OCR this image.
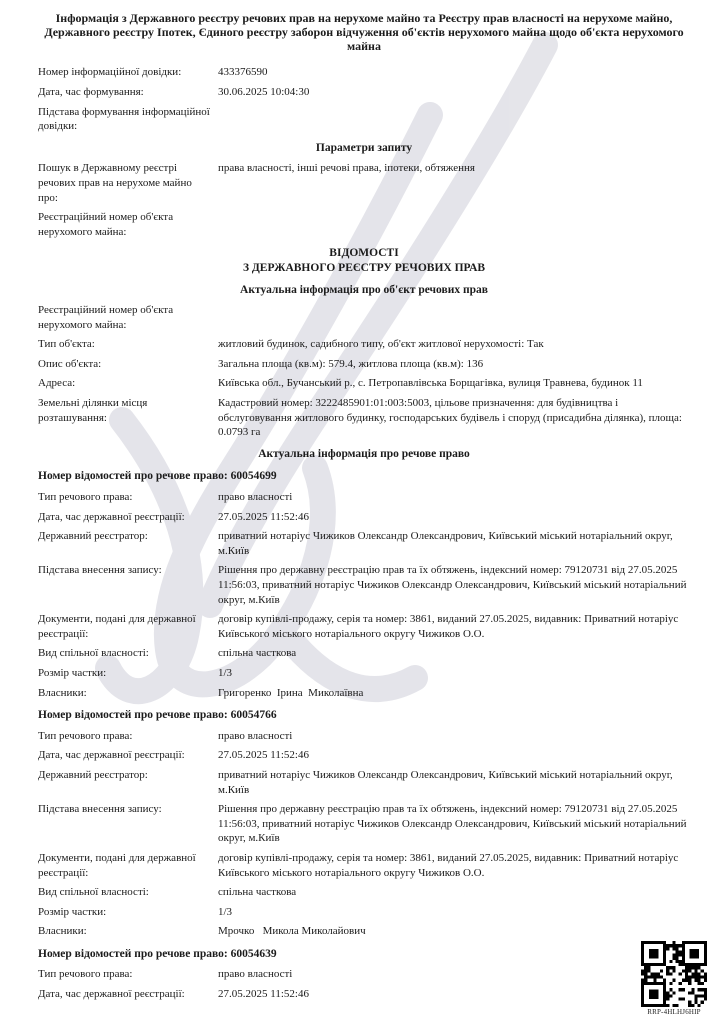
Інформація з Державного реєстру речових прав на нерухоме майно та Реєстру прав власності на нерухоме майно, Державного реєстру Іпотек, Єдиного реєстру заборон відчуження об'єктів нерухомого майна щодо об'єкта нерухомого майна
Номер інформаційної довідки:	433376590
Дата, час формування:	30.06.2025 10:04:30
Підстава формування інформаційної довідки:
Параметри запиту
Пошук в Державному реєстрі речових прав на нерухоме майно про:
права власності, інші речові права, іпотеки, обтяження
Реєстраційний номер об'єкта нерухомого майна:
ВІДОМОСТІ
З ДЕРЖАВНОГО РЕЄСТРУ РЕЧОВИХ ПРАВ
Актуальна інформація про об'єкт речових прав
Реєстраційний номер об'єкта нерухомого майна:
Тип об'єкта:	житловий будинок, садибного типу, об'єкт житлової нерухомості: Так
Опис об'єкта:	Загальна площа (кв.м): 579.4, житлова площа (кв.м): 136
Адреса:	Київська обл., Бучанський р., с. Петропавлівська Борщагівка, вулиця Травнева, будинок 11
Земельні ділянки місця розташування:
Кадастровий номер: 3222485901:01:003:5003, цільове призначення: для будівництва і обслуговування житлового будинку, господарських будівель і споруд (присадибна ділянка), площа: 0.0793 га
Актуальна інформація про речове право
Номер відомостей про речове право: 60054699
Тип речового права:	право власності
Дата, час державної реєстрації:	27.05.2025 11:52:46
Державний реєстратор:	приватний нотаріус Чижиков Олександр Олександрович, Київський міський нотаріальний округ, м.Київ
Підстава внесення запису:	Рішення про державну реєстрацію прав та їх обтяжень, індексний номер: 79120731 від 27.05.2025 11:56:03, приватний нотаріус Чижиков Олександр Олександрович, Київський міський нотаріальний округ, м.Київ
Документи, подані для державної реєстрації:
договір купівлі-продажу, серія та номер: 3861, виданий 27.05.2025, видавник: Приватний нотаріус Київського міського нотаріального округу Чижиков О.О.
Вид спільної власності:	спільна часткова
Розмір частки:	1/3
Власники:	Григоренко  Ірина  Миколаївна
Номер відомостей про речове право: 60054766
Тип речового права:	право власності
Дата, час державної реєстрації:	27.05.2025 11:52:46
Державний реєстратор:	приватний нотаріус Чижиков Олександр Олександрович, Київський міський нотаріальний округ, м.Київ
Підстава внесення запису:	Рішення про державну реєстрацію прав та їх обтяжень, індексний номер: 79120731 від 27.05.2025 11:56:03, приватний нотаріус Чижиков Олександр Олександрович, Київський міський нотаріальний округ, м.Київ
Документи, подані для державної реєстрації:
договір купівлі-продажу, серія та номер: 3861, виданий 27.05.2025, видавник: Приватний нотаріус Київського міського нотаріального округу Чижиков О.О.
Вид спільної власності:	спільна часткова
Розмір частки:	1/3
Власники:	Мрочко   Микола Миколайович
Номер відомостей про речове право: 60054639
Тип речового права:	право власності
Дата, час державної реєстрації:	27.05.2025 11:52:46
RRP-4HLHJ6HIP
